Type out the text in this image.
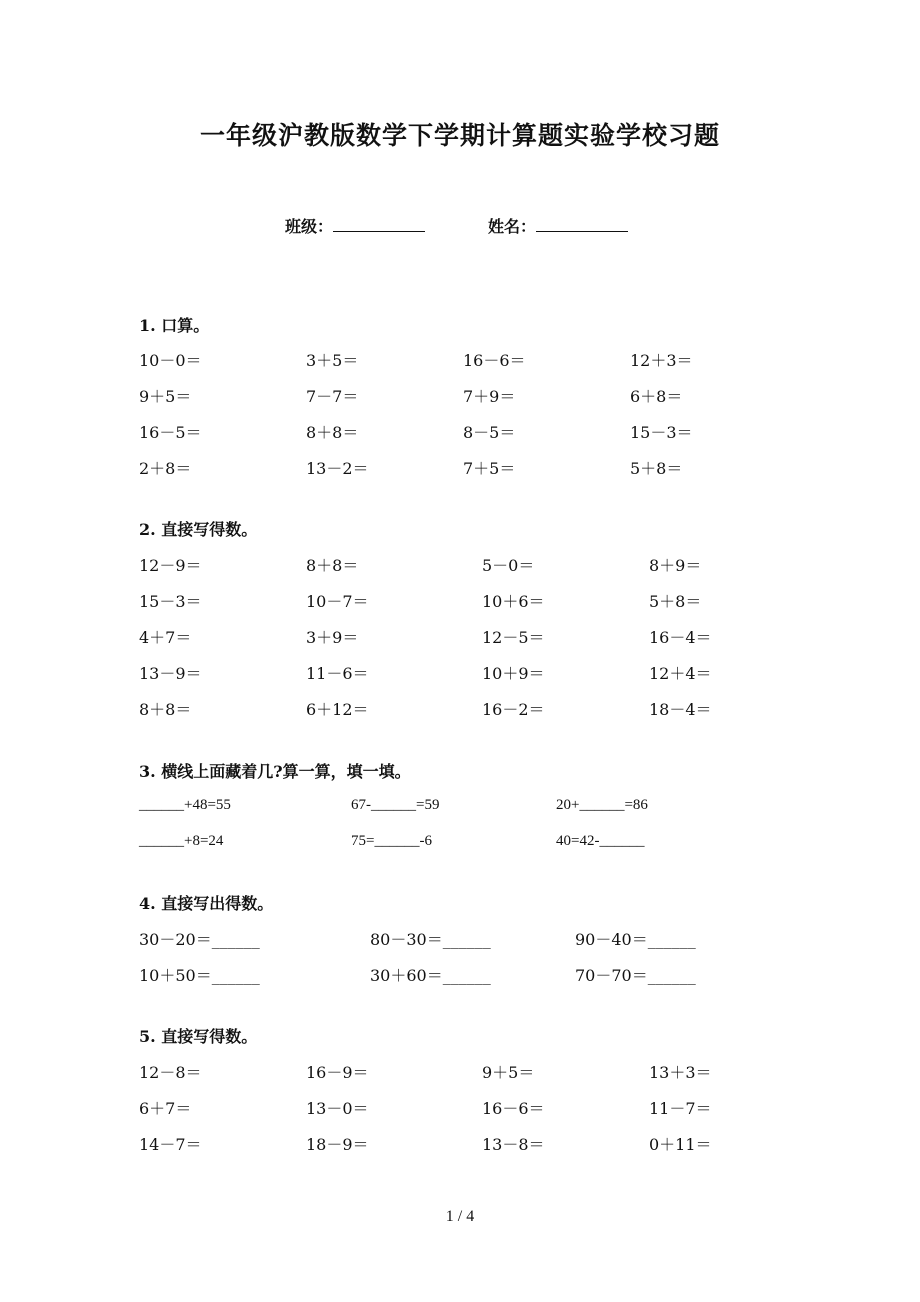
一年级沪教版数学下学期计算题实验学校习题
班级：	姓名：
1. 口算。
10－0＝	3＋5＝	16－6＝	12＋3＝
9＋5＝	7－7＝	7＋9＝	6＋8＝
16－5＝	8＋8＝	8－5＝	15－3＝
2＋8＝	13－2＝	7＋5＝	5＋8＝
2. 直接写得数。
12－9＝	8＋8＝	5－0＝	8＋9＝
15－3＝	10－7＝	10＋6＝	5＋8＝
4＋7＝	3＋9＝	12－5＝	16－4＝
13－9＝	11－6＝	10＋9＝	12＋4＝
8＋8＝	6＋12＝	16－2＝	18－4＝
3. 横线上面藏着几?算一算，填一填。
______+48=55	67-______=59	20+______=86
______+8=24	75=______-6	40=42-______
4. 直接写出得数。
30－20＝______	80－30＝______	90－40＝______
10＋50＝______	30＋60＝______	70－70＝______
5. 直接写得数。
12－8＝	16－9＝	9＋5＝	13＋3＝
6＋7＝	13－0＝	16－6＝	11－7＝
14－7＝	18－9＝	13－8＝	0＋11＝
1 / 4
